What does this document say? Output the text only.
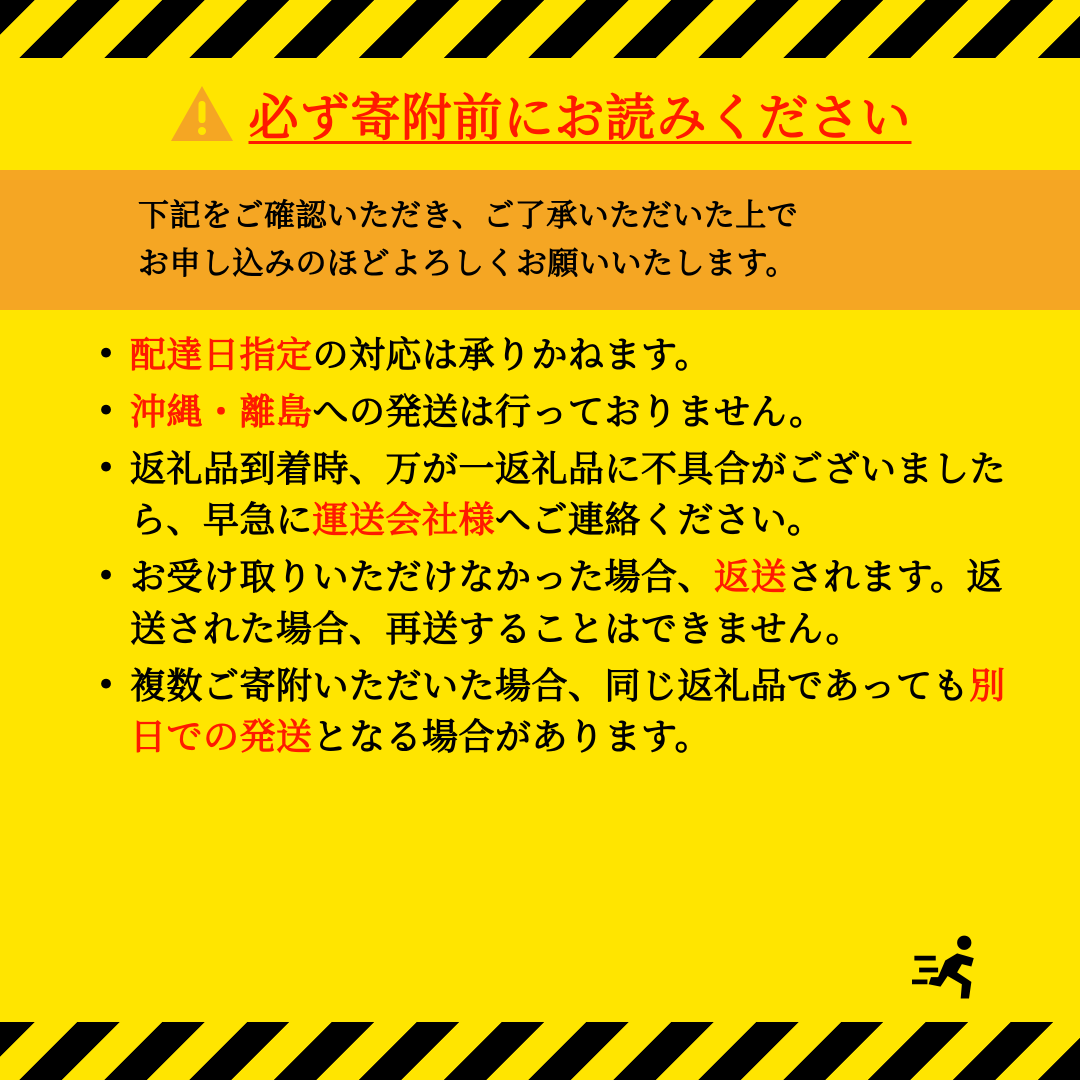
必ず寄附前にお読みください
下記をご確認いただき、ご了承いただいた上で
お申し込みのほどよろしくお願いいたします。
• 配達日指定の対応は承りかねます。
• 沖縄・離島への発送は行っておりません。
• 返礼品到着時、万が一返礼品に不具合がございましたら、早急に運送会社様へご連絡ください。
• お受け取りいただけなかった場合、返送されます。返送された場合、再送することはできません。
• 複数ご寄附いただいた場合、同じ返礼品であっても別日での発送となる場合があります。
